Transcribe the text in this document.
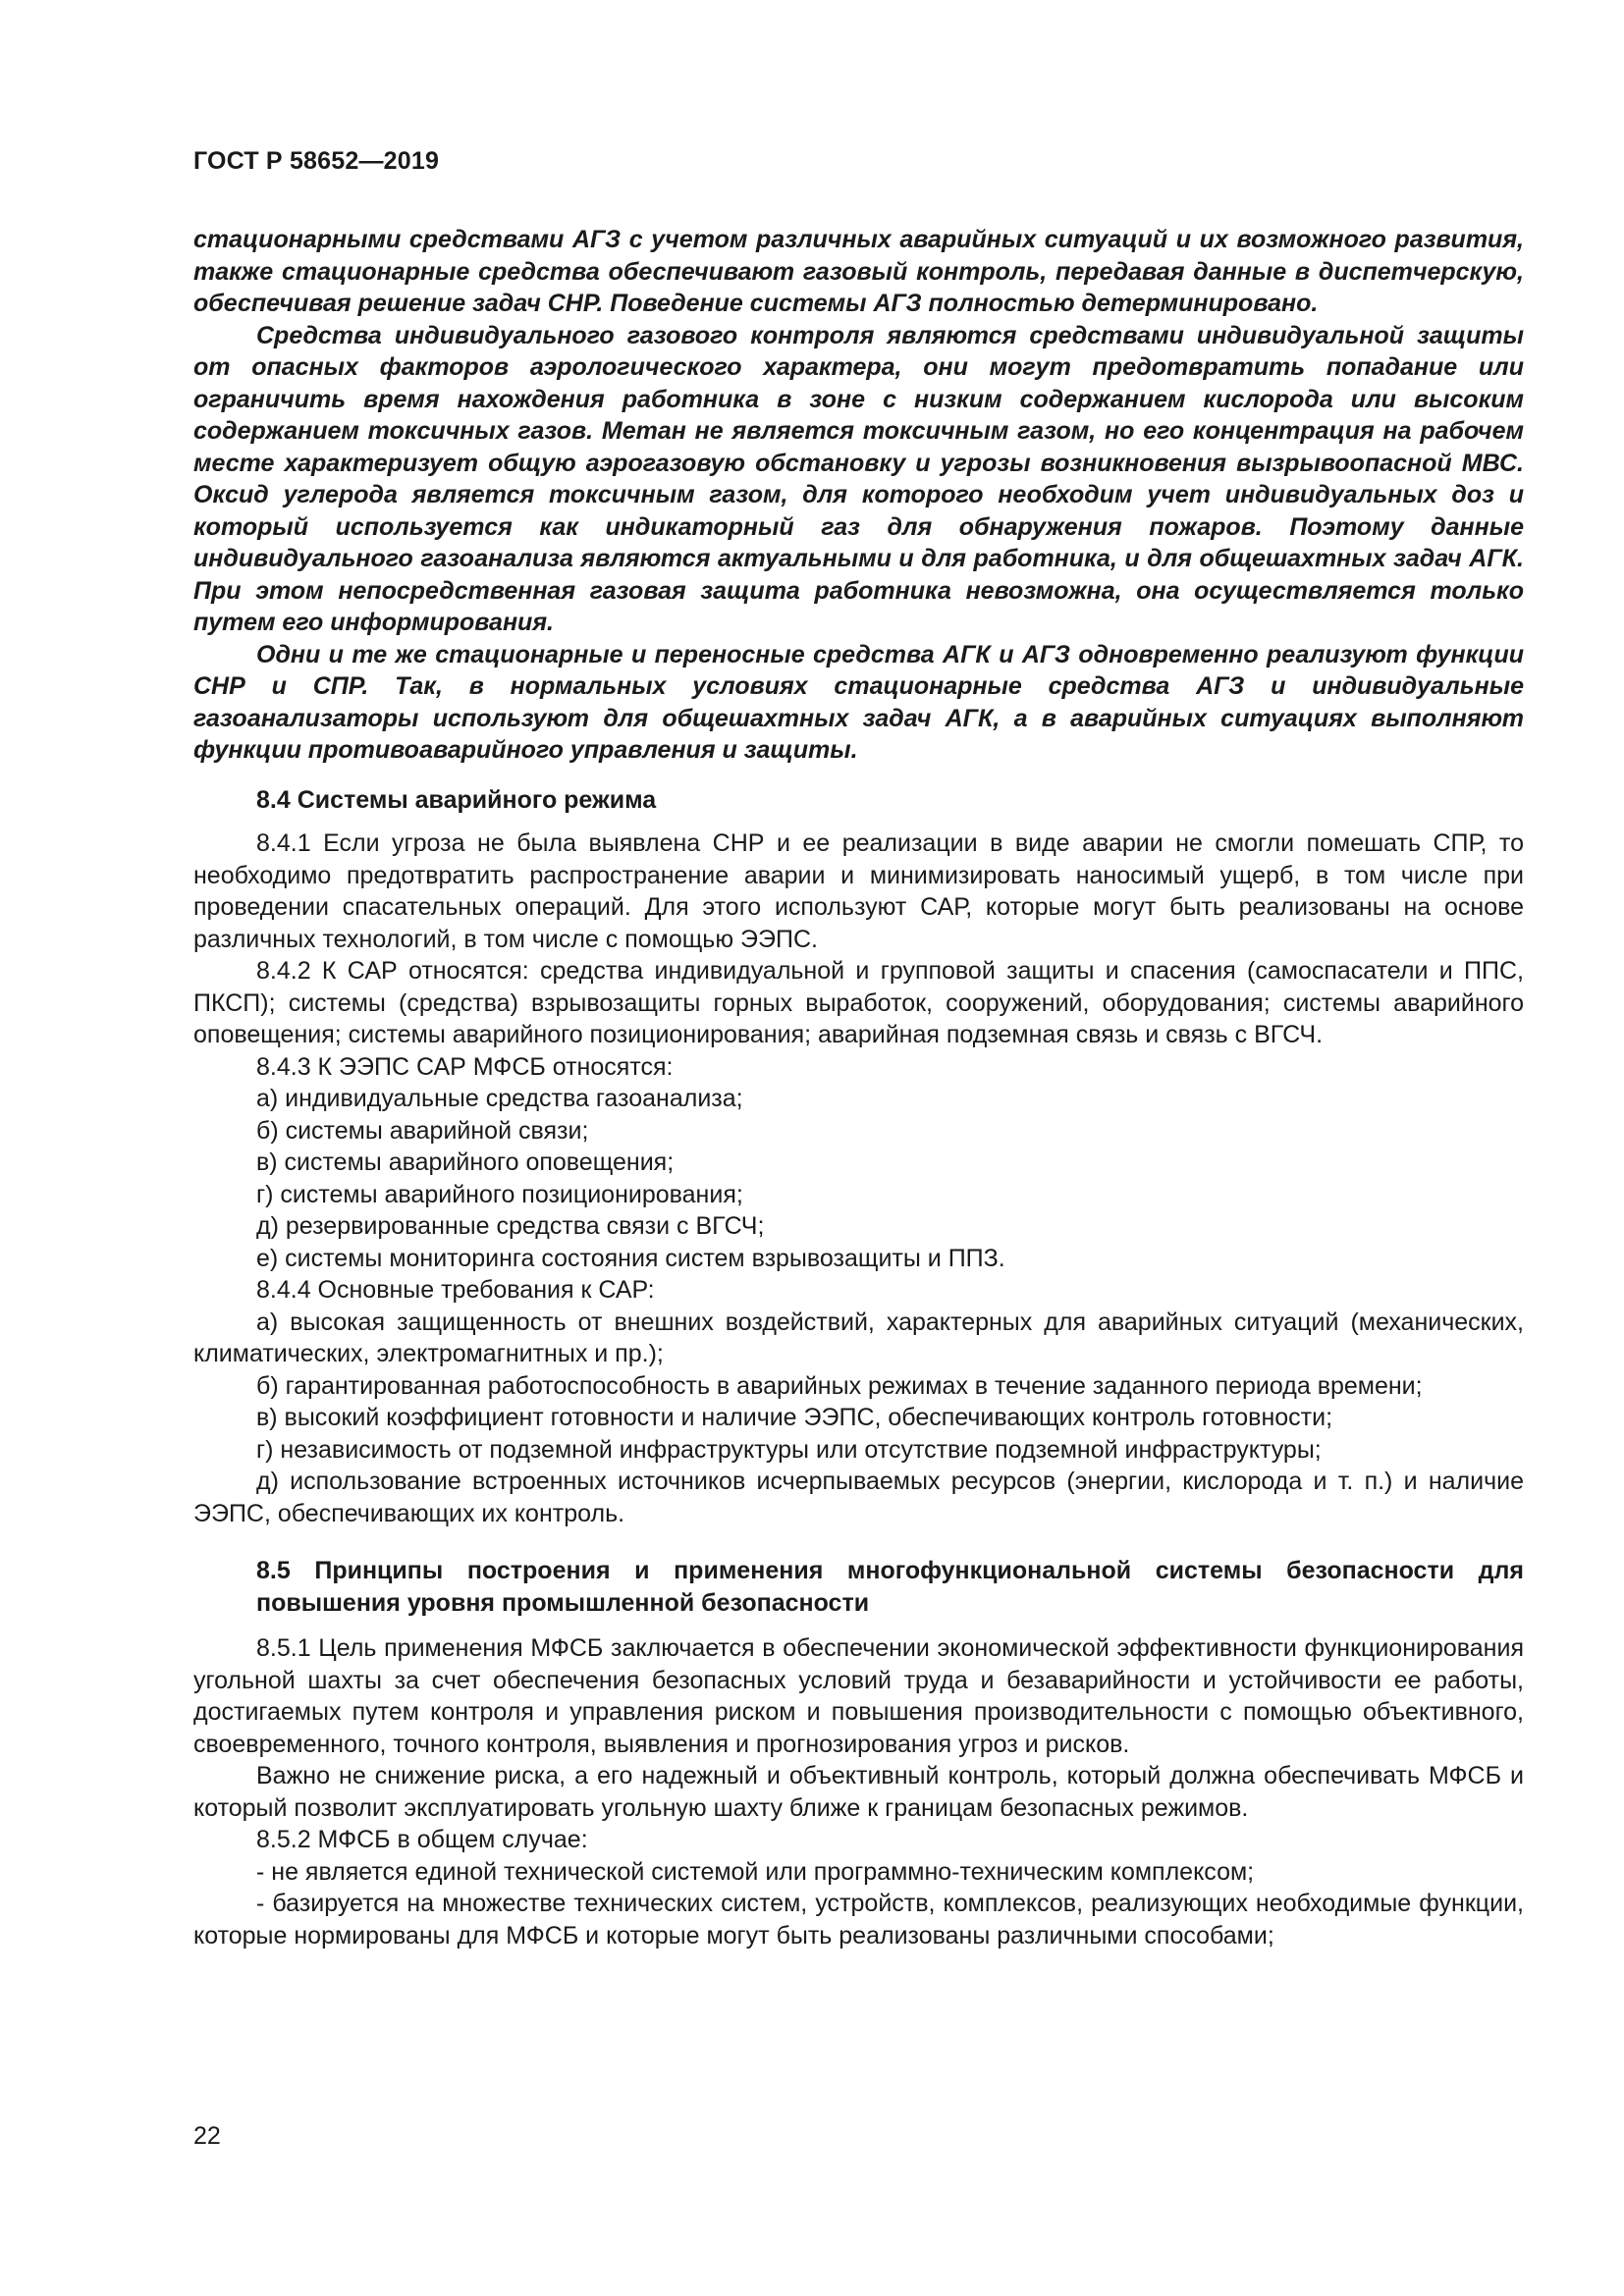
ГОСТ Р 58652—2019

стационарными средствами АГЗ с учетом различных аварийных ситуаций и их возможного развития, также стационарные средства обеспечивают газовый контроль, передавая данные в диспетчерскую, обеспечивая решение задач СНР. Поведение системы АГЗ полностью детерминировано.

Средства индивидуального газового контроля являются средствами индивидуальной защиты от опасных факторов аэрологического характера, они могут предотвратить попадание или ограничить время нахождения работника в зоне с низким содержанием кислорода или высоким содержанием токсичных газов. Метан не является токсичным газом, но его концентрация на рабочем месте характеризует общую аэрогазовую обстановку и угрозы возникновения вызрывоопасной МВС. Оксид углерода является токсичным газом, для которого необходим учет индивидуальных доз и который используется как индикаторный газ для обнаружения пожаров. Поэтому данные индивидуального газоанализа являются актуальными и для работника, и для общешахтных задач АГК. При этом непосредственная газовая защита работника невозможна, она осуществляется только путем его информирования.

Одни и те же стационарные и переносные средства АГК и АГЗ одновременно реализуют функции СНР и СПР. Так, в нормальных условиях стационарные средства АГЗ и индивидуальные газоанализаторы используют для общешахтных задач АГК, а в аварийных ситуациях выполняют функции противоаварийного управления и защиты.

8.4 Системы аварийного режима

8.4.1 Если угроза не была выявлена СНР и ее реализации в виде аварии не смогли помешать СПР, то необходимо предотвратить распространение аварии и минимизировать наносимый ущерб, в том числе при проведении спасательных операций. Для этого используют САР, которые могут быть реализованы на основе различных технологий, в том числе с помощью ЭЭПС.

8.4.2 К САР относятся: средства индивидуальной и групповой защиты и спасения (самоспасатели и ППС, ПКСП); системы (средства) взрывозащиты горных выработок, сооружений, оборудования; системы аварийного оповещения; системы аварийного позиционирования; аварийная подземная связь и связь с ВГСЧ.

8.4.3 К ЭЭПС САР МФСБ относятся:

а) индивидуальные средства газоанализа;

б) системы аварийной связи;

в) системы аварийного оповещения;

г) системы аварийного позиционирования;

д) резервированные средства связи с ВГСЧ;

е) системы мониторинга состояния систем взрывозащиты и ППЗ.

8.4.4 Основные требования к САР:

а) высокая защищенность от внешних воздействий, характерных для аварийных ситуаций (механических, климатических, электромагнитных и пр.);

б) гарантированная работоспособность в аварийных режимах в течение заданного периода времени;

в) высокий коэффициент готовности и наличие ЭЭПС, обеспечивающих контроль готовности;

г) независимость от подземной инфраструктуры или отсутствие подземной инфраструктуры;

д) использование встроенных источников исчерпываемых ресурсов (энергии, кислорода и т. п.) и наличие ЭЭПС, обеспечивающих их контроль.

8.5 Принципы построения и применения многофункциональной системы безопасности для повышения уровня промышленной безопасности

8.5.1 Цель применения МФСБ заключается в обеспечении экономической эффективности функционирования угольной шахты за счет обеспечения безопасных условий труда и безаварийности и устойчивости ее работы, достигаемых путем контроля и управления риском и повышения производительности с помощью объективного, своевременного, точного контроля, выявления и прогнозирования угроз и рисков.

Важно не снижение риска, а его надежный и объективный контроль, который должна обеспечивать МФСБ и который позволит эксплуатировать угольную шахту ближе к границам безопасных режимов.

8.5.2 МФСБ в общем случае:

- не является единой технической системой или программно-техническим комплексом;

- базируется на множестве технических систем, устройств, комплексов, реализующих необходимые функции, которые нормированы для МФСБ и которые могут быть реализованы различными способами;

22
